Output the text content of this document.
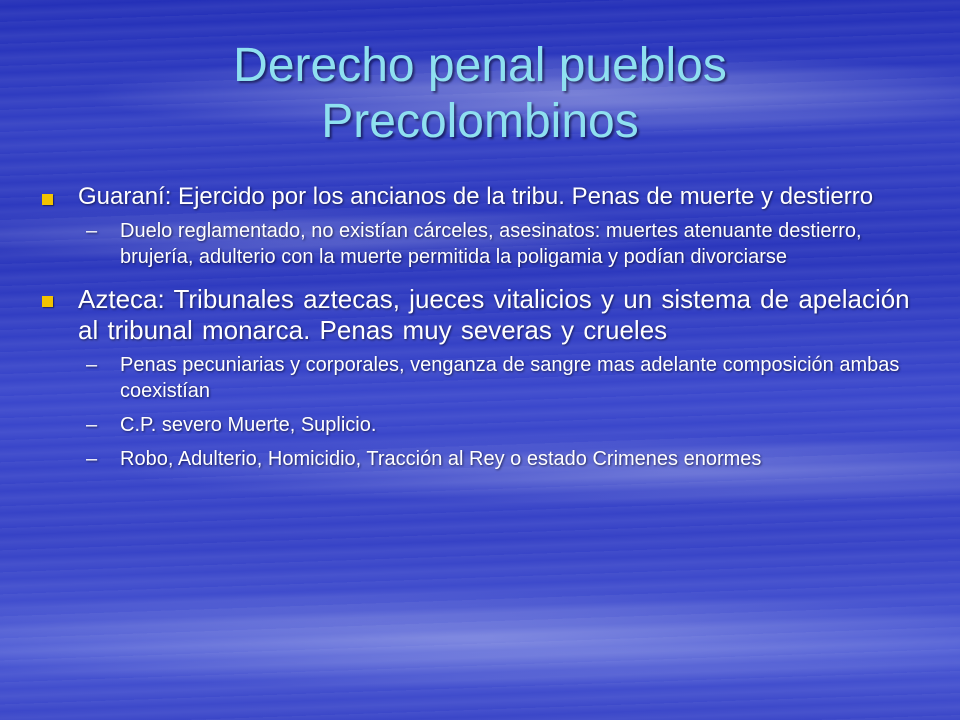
Derecho penal pueblos
Precolombinos
Guaraní: Ejercido por los ancianos de la tribu. Penas de muerte y destierro
– Duelo reglamentado, no existían cárceles, asesinatos: muertes atenuante destierro, brujería, adulterio con la muerte permitida la poligamia y podían divorciarse
Azteca: Tribunales aztecas, jueces vitalicios y un sistema de apelación al tribunal monarca. Penas muy severas y crueles
– Penas pecuniarias y corporales, venganza de sangre mas adelante composición ambas coexistían
– C.P. severo Muerte, Suplicio.
– Robo, Adulterio, Homicidio, Tracción al Rey o estado Crimenes enormes
